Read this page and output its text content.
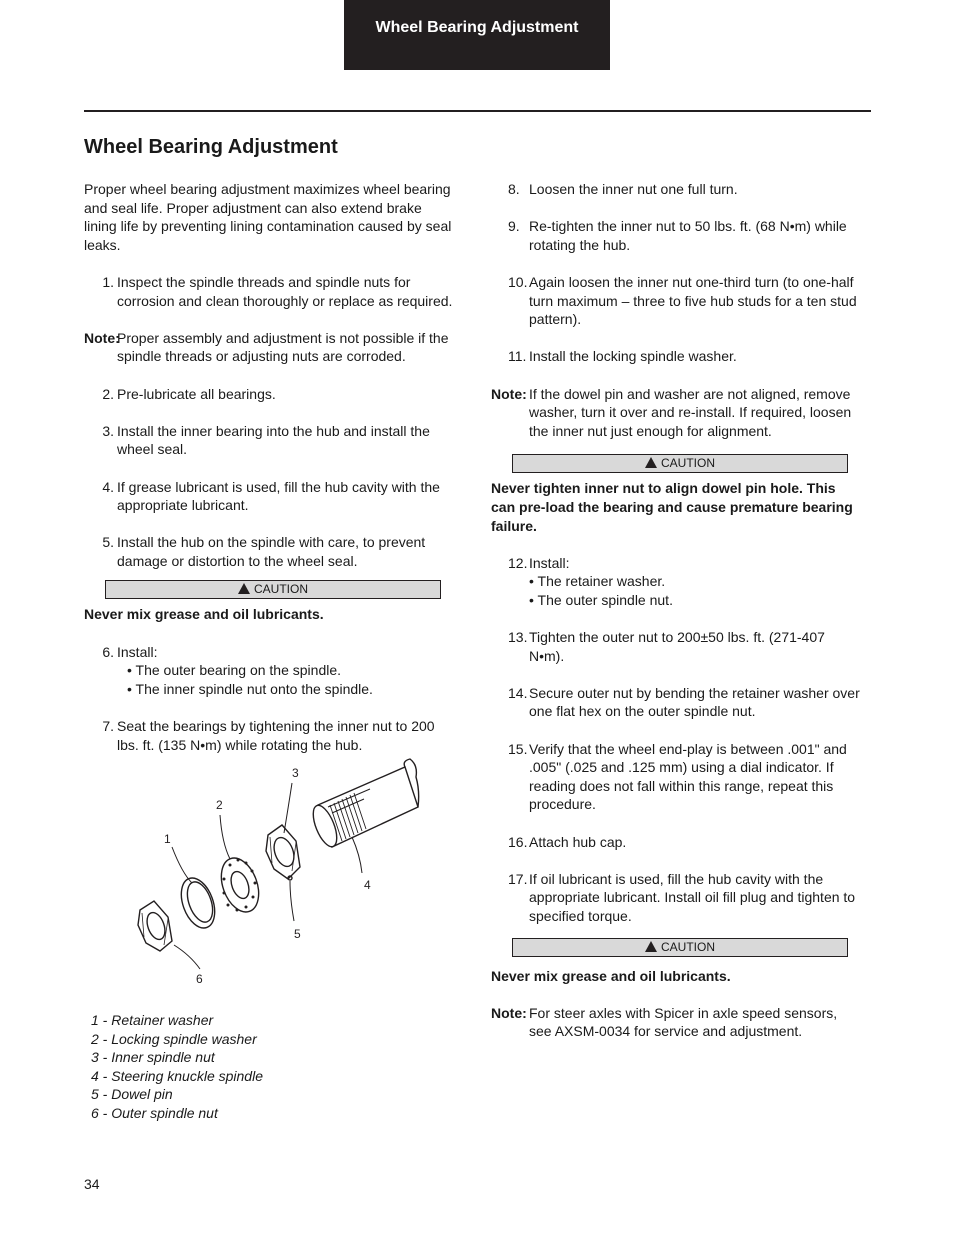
Wheel Bearing Adjustment
Wheel Bearing Adjustment

Proper wheel bearing adjustment maximizes wheel bearing and seal life. Proper adjustment can also extend brake lining life by preventing lining contamination caused by seal leaks.

1. Inspect the spindle threads and spindle nuts for corrosion and clean thoroughly or replace as required.
Note:
Proper assembly and adjustment is not possible if the spindle threads or adjusting nuts are corroded.
2. Pre-lubricate all bearings.
3. Install the inner bearing into the hub and install the wheel seal.
4. If grease lubricant is used, fill the hub cavity with the appropriate lubricant.
5. Install the hub on the spindle with care, to prevent damage or distortion to the wheel seal.
CAUTION

Never mix grease and oil lubricants.

6. Install:
• The outer bearing on the spindle.
• The inner spindle nut onto the spindle.
7. Seat the bearings by tightening the inner nut to 200 lbs. ft. (135 N•m) while rotating the hub.
1
2
3
4
5
6
1 - Retainer washer
2 - Locking spindle washer
3 - Inner spindle nut
4 - Steering knuckle spindle
5 - Dowel pin
6 - Outer spindle nut
8. Loosen the inner nut one full turn.
9. Re-tighten the inner nut to 50 lbs. ft. (68 N•m) while rotating the hub.
10. Again loosen the inner nut one-third turn (to one-half turn maximum – three to five hub studs for a ten stud pattern).
11. Install the locking spindle washer.
Note: If the dowel pin and washer are not aligned, remove washer, turn it over and re-install. If required, loosen the inner nut just enough for alignment.
CAUTION

Never tighten inner nut to align dowel pin hole. This can pre-load the bearing and cause premature bearing failure.

12. Install:
• The retainer washer.
• The outer spindle nut.
13. Tighten the outer nut to 200±50 lbs. ft. (271-407 N•m).
14. Secure outer nut by bending the retainer washer over one flat hex on the outer spindle nut.
15. Verify that the wheel end-play is between .001" and .005" (.025 and .125 mm) using a dial indicator. If reading does not fall within this range, repeat this procedure.
16. Attach hub cap.
17. If oil lubricant is used, fill the hub cavity with the appropriate lubricant. Install oil fill plug and tighten to specified torque.
CAUTION

Never mix grease and oil lubricants.

Note: For steer axles with Spicer in axle speed sensors, see AXSM-0034 for service and adjustment.
34
